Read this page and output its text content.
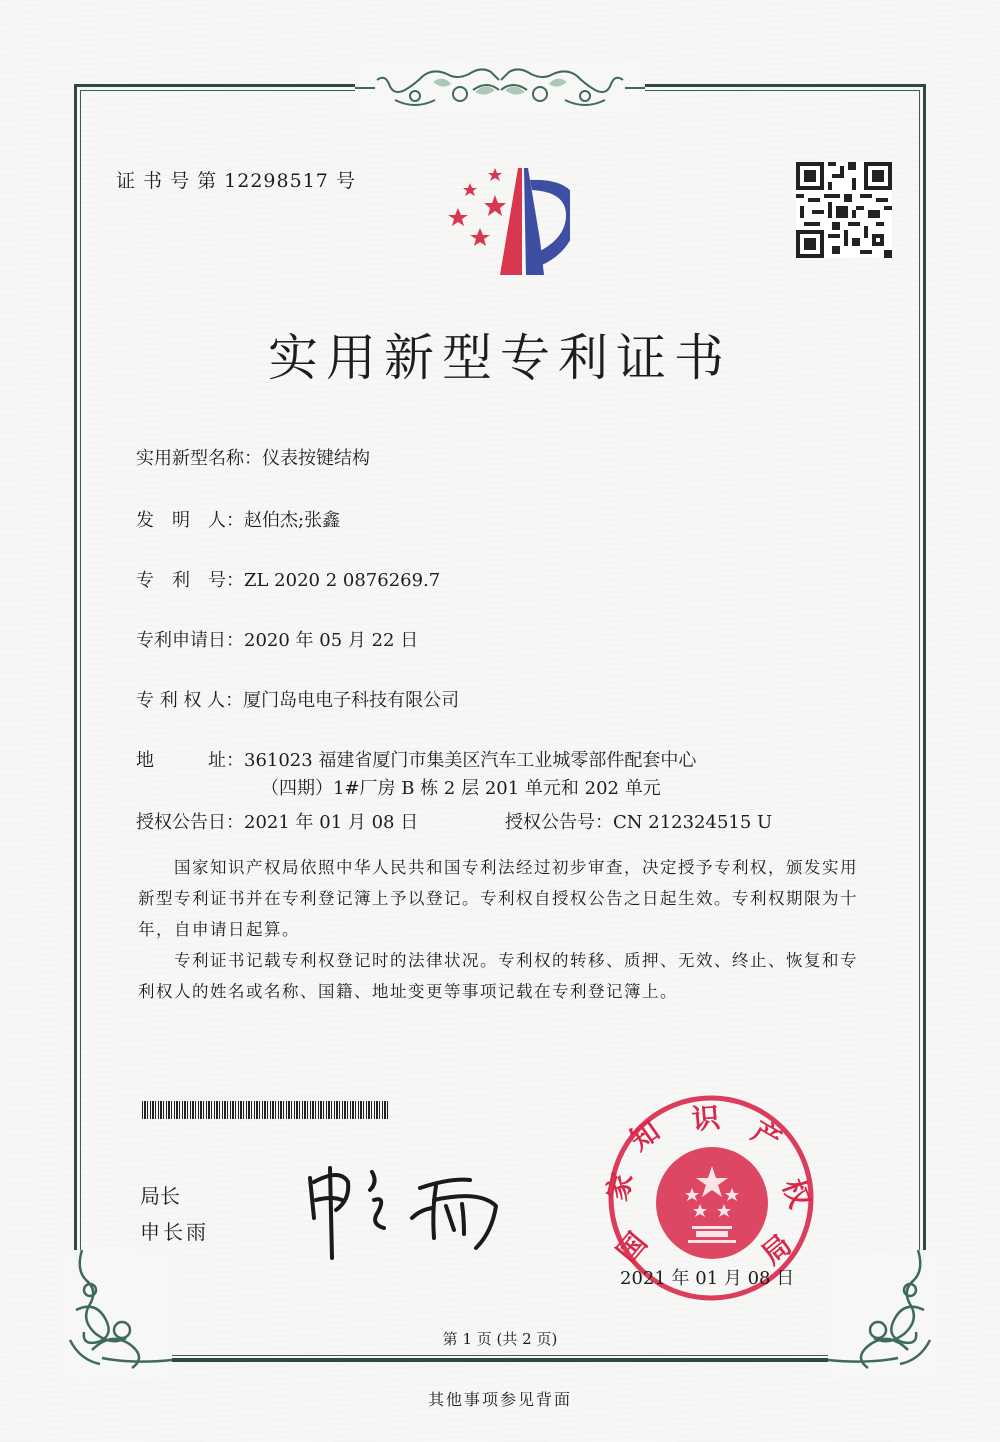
证 书 号 第 12298517 号
实用新型专利证书
实用新型名称：仪表按键结构
发　明　人：赵伯杰;张鑫
专　利　号：ZL 2020 2 0876269.7
专利申请日：2020 年 05 月 22 日
专 利 权 人：厦门岛电电子科技有限公司
地　　　址：361023 福建省厦门市集美区汽车工业城零部件配套中心
（四期）1#厂房 B 栋 2 层 201 单元和 202 单元
授权公告日：2021 年 01 月 08 日	授权公告号：CN 212324515 U
国家知识产权局依照中华人民共和国专利法经过初步审查，决定授予专利权，颁发实用新型专利证书并在专利登记簿上予以登记。专利权自授权公告之日起生效。专利权期限为十年，自申请日起算。
专利证书记载专利权登记时的法律状况。专利权的转移、质押、无效、终止、恢复和专利权人的姓名或名称、国籍、地址变更等事项记载在专利登记簿上。
局长
申长雨	国
家
知 识 产
权
局
2021 年 01 月 08 日
第 1 页 (共 2 页)
其他事项参见背面
